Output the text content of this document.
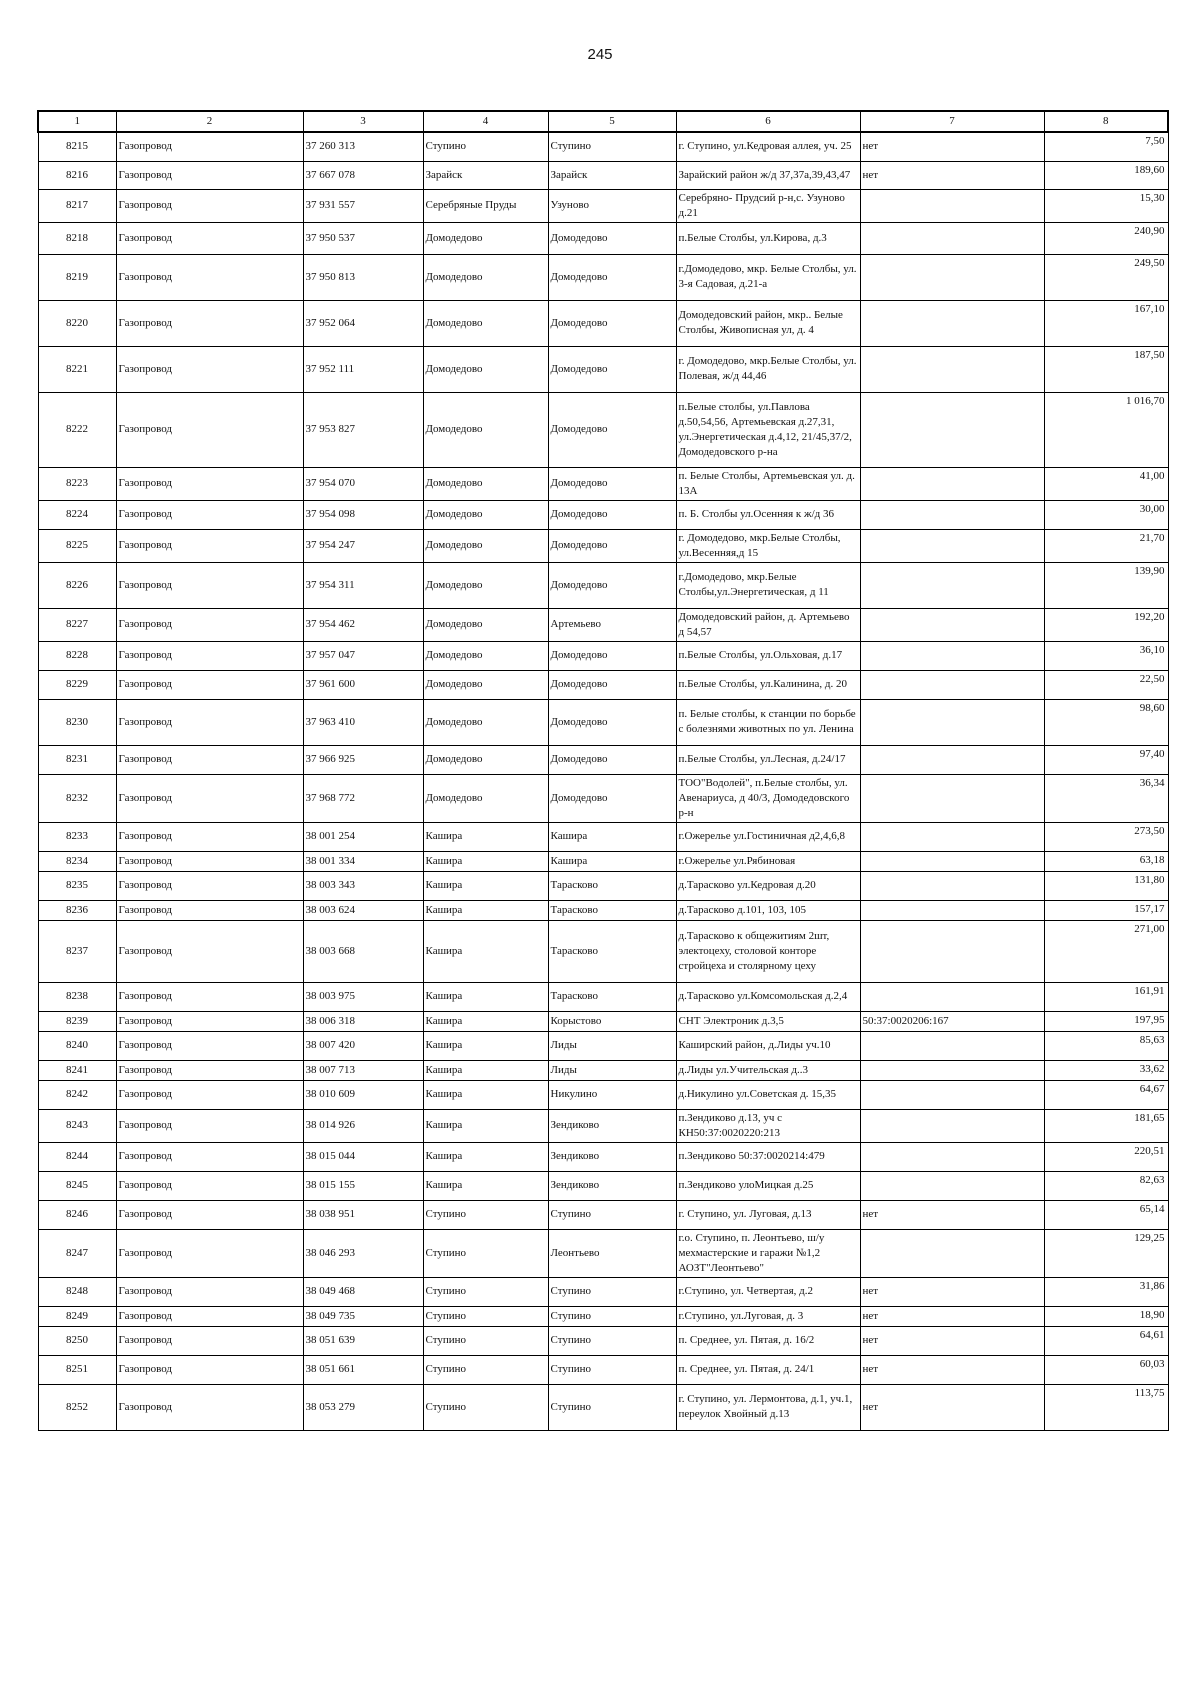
245
1	2	3	4	5	6	7	8
8215	Газопровод	37 260 313	Ступино	Ступино	г. Ступино, ул.Кедровая аллея, уч. 25	нет	7,50
8216	Газопровод	37 667 078	Зарайск	Зарайск	Зарайский район ж/д 37,37а,39,43,47	нет	189,60
8217	Газопровод	37 931 557	Серебряные Пруды	Узуново	Серебряно- Прудсий р-н,с. Узуново д.21		15,30
8218	Газопровод	37 950 537	Домодедово	Домодедово	п.Белые Столбы, ул.Кирова, д.3		240,90
8219	Газопровод	37 950 813	Домодедово	Домодедово	г.Домодедово, мкр. Белые Столбы, ул. 3-я Садовая, д.21-а		249,50
8220	Газопровод	37 952 064	Домодедово	Домодедово	Домодедовский район, мкр.. Белые Столбы, Живописная ул, д. 4		167,10
8221	Газопровод	37 952 111	Домодедово	Домодедово	г. Домодедово, мкр.Белые Столбы, ул. Полевая, ж/д 44,46		187,50
8222	Газопровод	37 953 827	Домодедово	Домодедово	п.Белые столбы, ул.Павлова д.50,54,56, Артемьевская д.27,31, ул.Энергетическая д.4,12, 21/45,37/2, Домодедовского р-на		1 016,70
8223	Газопровод	37 954 070	Домодедово	Домодедово	п. Белые Столбы, Артемьевская ул. д. 13А		41,00
8224	Газопровод	37 954 098	Домодедово	Домодедово	п. Б. Столбы ул.Осенняя к ж/д 36		30,00
8225	Газопровод	37 954 247	Домодедово	Домодедово	г. Домодедово, мкр.Белые Столбы, ул.Весенняя,д 15		21,70
8226	Газопровод	37 954 311	Домодедово	Домодедово	г.Домодедово, мкр.Белые Столбы,ул.Энергетическая, д 11		139,90
8227	Газопровод	37 954 462	Домодедово	Артемьево	Домодедовский район, д. Артемьево д 54,57		192,20
8228	Газопровод	37 957 047	Домодедово	Домодедово	п.Белые Столбы, ул.Ольховая, д.17		36,10
8229	Газопровод	37 961 600	Домодедово	Домодедово	п.Белые Столбы, ул.Калинина, д. 20		22,50
8230	Газопровод	37 963 410	Домодедово	Домодедово	п. Белые столбы, к станции по борьбе с болезнями животных по ул. Ленина		98,60
8231	Газопровод	37 966 925	Домодедово	Домодедово	п.Белые Столбы, ул.Лесная, д.24/17		97,40
8232	Газопровод	37 968 772	Домодедово	Домодедово	ТОО"Водолей", п.Белые столбы, ул. Авенариуса, д 40/3, Домодедовского р-н		36,34
8233	Газопровод	38 001 254	Кашира	Кашира	г.Ожерелье ул.Гостиничная д2,4,6,8		273,50
8234	Газопровод	38 001 334	Кашира	Кашира	г.Ожерелье ул.Рябиновая		63,18
8235	Газопровод	38 003 343	Кашира	Тарасково	д.Тарасково ул.Кедровая д.20		131,80
8236	Газопровод	38 003 624	Кашира	Тарасково	д.Тарасково д.101, 103, 105		157,17
8237	Газопровод	38 003 668	Кашира	Тарасково	д.Тарасково к общежитиям 2шт, электоцеху, столовой конторе стройцеха и столярному цеху		271,00
8238	Газопровод	38 003 975	Кашира	Тарасково	д.Тарасково ул.Комсомольская д.2,4		161,91
8239	Газопровод	38 006 318	Кашира	Корыстово	СНТ Электроник д.3,5	50:37:0020206:167	197,95
8240	Газопровод	38 007 420	Кашира	Лиды	Каширский район, д.Лиды уч.10		85,63
8241	Газопровод	38 007 713	Кашира	Лиды	д.Лиды ул.Учительская д..3		33,62
8242	Газопровод	38 010 609	Кашира	Никулино	д.Никулино ул.Советская д. 15,35		64,67
8243	Газопровод	38 014 926	Кашира	Зендиково	п.Зендиково д.13, уч с КН50:37:0020220:213		181,65
8244	Газопровод	38 015 044	Кашира	Зендиково	п.Зендиково 50:37:0020214:479		220,51
8245	Газопровод	38 015 155	Кашира	Зендиково	п.Зендиково улоМицкая д.25		82,63
8246	Газопровод	38 038 951	Ступино	Ступино	г. Ступино, ул. Луговая, д.13	нет	65,14
8247	Газопровод	38 046 293	Ступино	Леонтьево	г.о. Ступино, п. Леонтьево, ш/у мехмастерские и гаражи №1,2 АОЗТ"Леонтьево"		129,25
8248	Газопровод	38 049 468	Ступино	Ступино	г.Ступино, ул. Четвертая, д.2	нет	31,86
8249	Газопровод	38 049 735	Ступино	Ступино	г.Ступино, ул.Луговая, д. 3	нет	18,90
8250	Газопровод	38 051 639	Ступино	Ступино	п. Среднее, ул. Пятая, д. 16/2	нет	64,61
8251	Газопровод	38 051 661	Ступино	Ступино	п. Среднее, ул. Пятая, д. 24/1	нет	60,03
8252	Газопровод	38 053 279	Ступино	Ступино	г. Ступино, ул. Лермонтова, д.1, уч.1, переулок Хвойный д.13	нет	113,75
